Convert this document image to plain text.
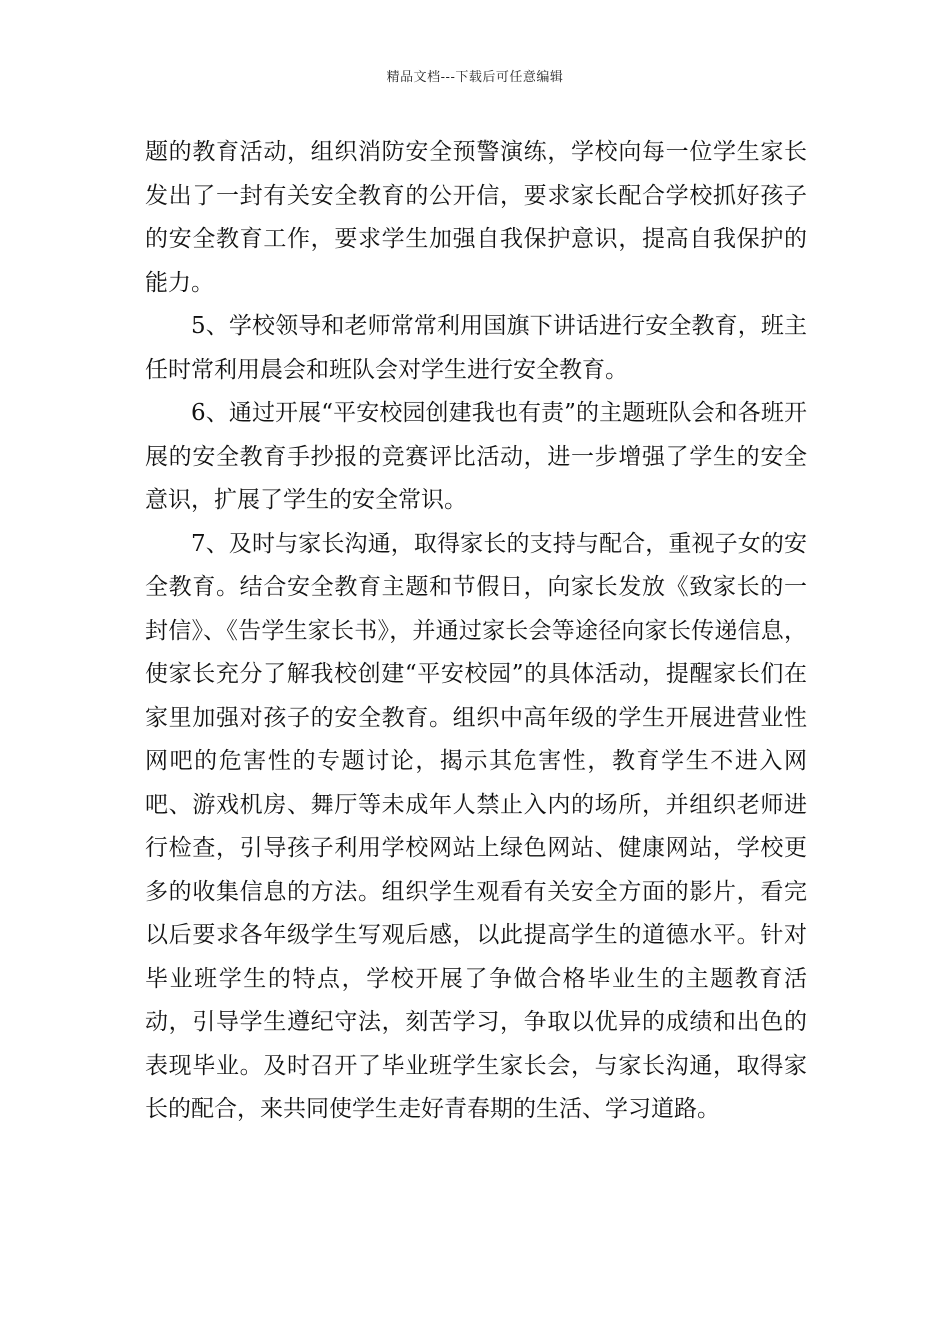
精品文档---下载后可任意编辑

题的教育活动，组织消防安全预警演练，学校向每一位学生家长发出了一封有关安全教育的公开信，要求家长配合学校抓好孩子的安全教育工作，要求学生加强自我保护意识，提高自我保护的能力。

5、学校领导和老师常常利用国旗下讲话进行安全教育，班主任时常利用晨会和班队会对学生进行安全教育。

6、通过开展“平安校园创建我也有责”的主题班队会和各班开展的安全教育手抄报的竞赛评比活动，进一步增强了学生的安全意识，扩展了学生的安全常识。

7、及时与家长沟通，取得家长的支持与配合，重视子女的安全教育。结合安全教育主题和节假日，向家长发放《致家长的一封信》、《告学生家长书》，并通过家长会等途径向家长传递信息，使家长充分了解我校创建“平安校园”的具体活动，提醒家长们在家里加强对孩子的安全教育。组织中高年级的学生开展进营业性网吧的危害性的专题讨论，揭示其危害性，教育学生不进入网吧、游戏机房、舞厅等未成年人禁止入内的场所，并组织老师进行检查，引导孩子利用学校网站上绿色网站、健康网站，学校更多的收集信息的方法。组织学生观看有关安全方面的影片，看完以后要求各年级学生写观后感，以此提高学生的道德水平。针对毕业班学生的特点，学校开展了争做合格毕业生的主题教育活动，引导学生遵纪守法，刻苦学习，争取以优异的成绩和出色的表现毕业。及时召开了毕业班学生家长会，与家长沟通，取得家长的配合，来共同使学生走好青春期的生活、学习道路。
